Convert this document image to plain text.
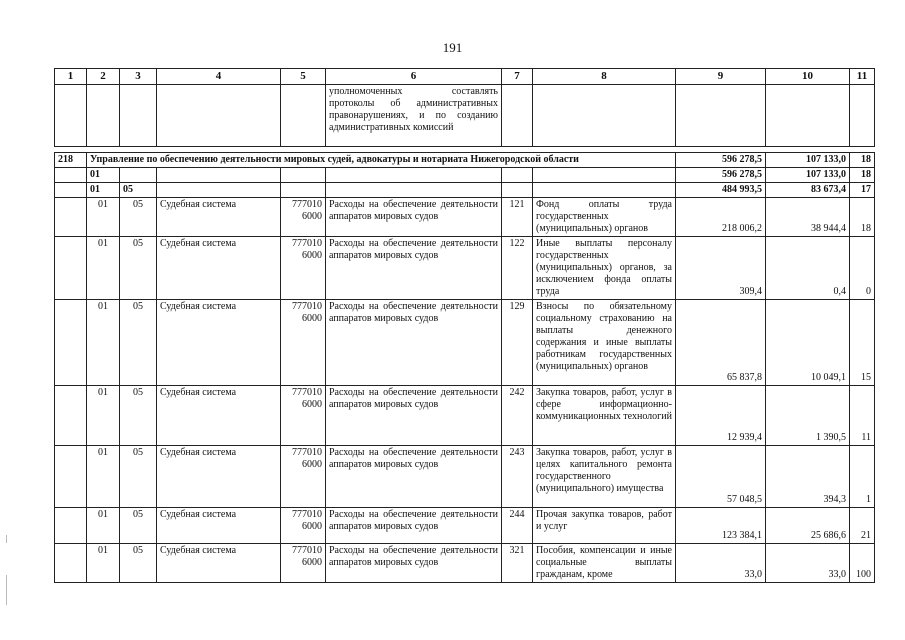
191
1	2	3	4	5	6	7	8	9	10	11
					уполномоченных составлять протоколы об административных правонарушениях, и по созданию административных комиссий					

218	Управление по обеспечению деятельности мировых судей, адвокатуры и нотариата Нижегородской области							596 278,5	107 133,0	18
	01							596 278,5	107 133,0	18
	01	05						484 993,5	83 673,4	17
	01	05	Судебная система	777010 6000	Расходы на обеспечение деятельности аппаратов мировых судов	121	Фонд оплаты труда государственных (муниципальных) органов	218 006,2	38 944,4	18
	01	05	Судебная система	777010 6000	Расходы на обеспечение деятельности аппаратов мировых судов	122	Иные выплаты персоналу государственных (муниципальных) органов, за исключением фонда оплаты труда	309,4	0,4	0
	01	05	Судебная система	777010 6000	Расходы на обеспечение деятельности аппаратов мировых судов	129	Взносы по обязательному социальному страхованию на выплаты денежного содержания и иные выплаты работникам государственных (муниципальных) органов	65 837,8	10 049,1	15
	01	05	Судебная система	777010 6000	Расходы на обеспечение деятельности аппаратов мировых судов	242	Закупка товаров, работ, услуг в сфере информационно-коммуникационных технологий	12 939,4	1 390,5	11
	01	05	Судебная система	777010 6000	Расходы на обеспечение деятельности аппаратов мировых судов	243	Закупка товаров, работ, услуг в целях капитального ремонта государственного (муниципального) имущества	57 048,5	394,3	1
	01	05	Судебная система	777010 6000	Расходы на обеспечение деятельности аппаратов мировых судов	244	Прочая закупка товаров, работ и услуг	123 384,1	25 686,6	21
	01	05	Судебная система	777010 6000	Расходы на обеспечение деятельности аппаратов мировых судов	321	Пособия, компенсации и иные социальные выплаты гражданам, кроме	33,0	33,0	100
